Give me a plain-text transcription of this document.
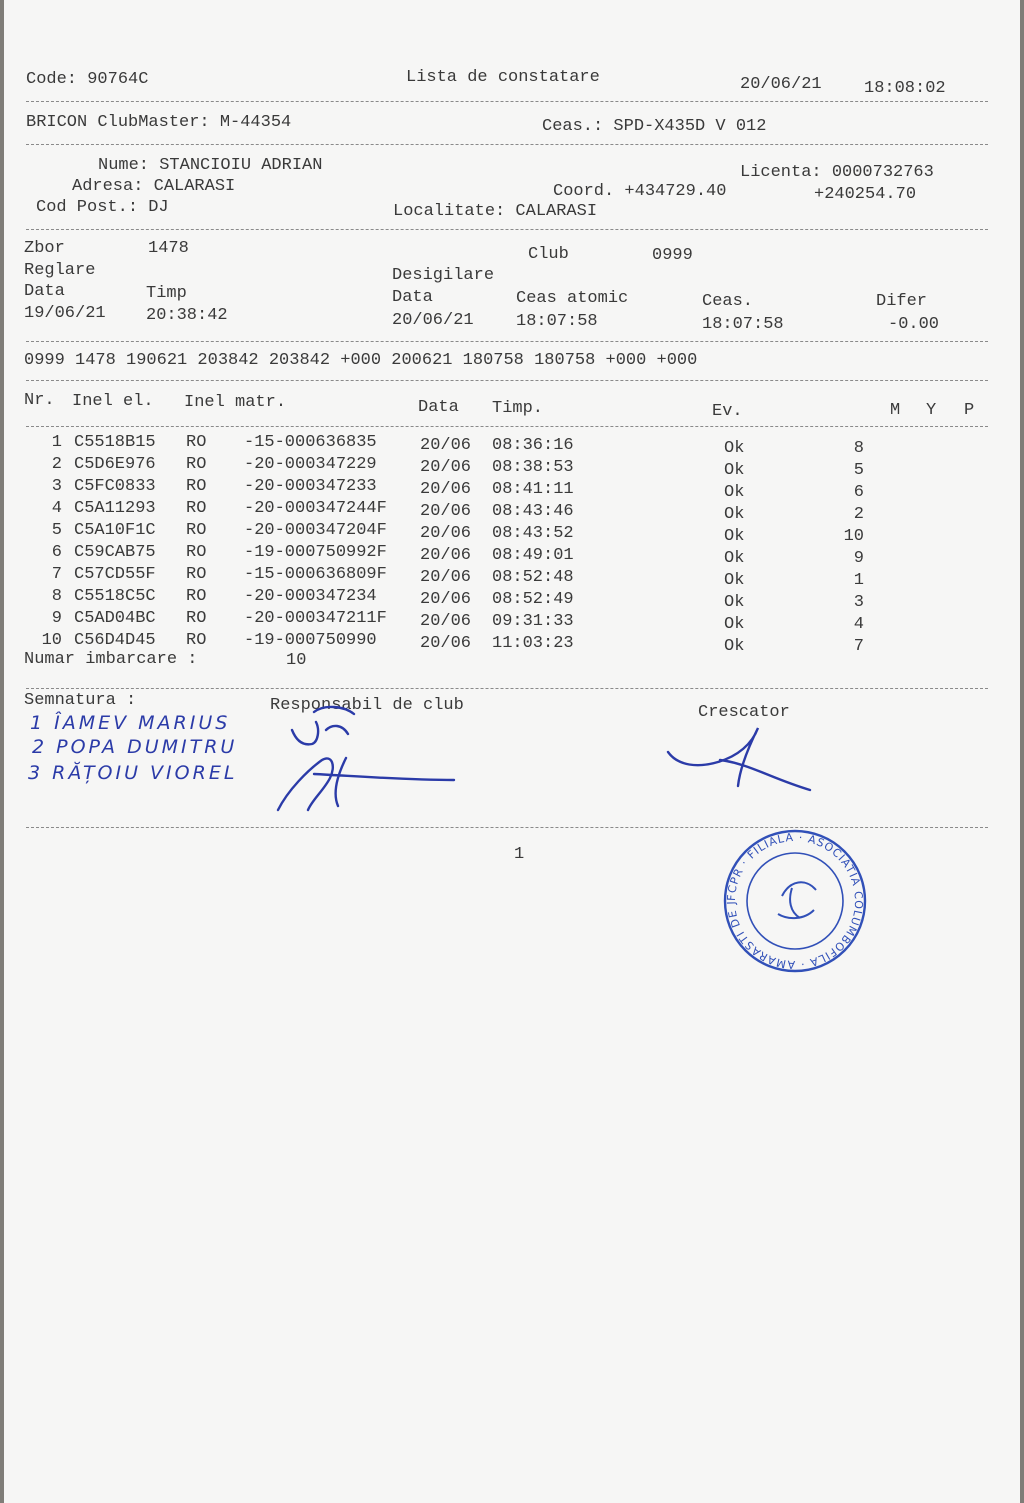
Code: 90764C	Lista de constatare	20/06/21 18:08:02
BRICON ClubMaster: M-44354	Ceas.: SPD-X435D V 012
Nume: STANCIOIU ADRIAN
Adresa: CALARASI
Cod Post.: DJ
Licenta: 0000732763
Coord. +434729.40	+240254.70
Localitate: CALARASI
Zbor	1478	Club	0999
Reglare	Desigilare
Data	Timp	Data	Ceas atomic	Ceas.	Difer
19/06/21 20:38:42	20/06/21 18:07:58	18:07:58	-0.00
0999 1478 190621 203842 203842 +000 200621 180758 180758 +000 +000
Nr. Inel el. Inel matr.	Data Timp.	Ev.	M Y P
1 C5518B15 RO -15-000636835	20/06 08:36:16	Ok	8
2 C5D6E976 RO -20-000347229	20/06 08:38:53	Ok	5
3 C5FC0833 RO -20-000347233	20/06 08:41:11	Ok	6
4 C5A11293 RO -20-000347244F 20/06 08:43:46	Ok	2
5 C5A10F1C RO -20-000347204F 20/06 08:43:52	Ok	10
6 C59CAB75 RO -19-000750992F 20/06 08:49:01	Ok	9
7 C57CD55F RO -15-000636809F 20/06 08:52:48	Ok	1
8 C5518C5C RO -20-000347234	20/06 08:52:49	Ok	3
9 C5AD04BC RO -20-000347211F 20/06 09:31:33	Ok	4
10 C56D4D45 RO -19-000750990	20/06 11:03:23	Ok	7
Numar imbarcare :	10
Semnatura :	Responsabil de club	Crescator
1 ÎAMEV MARIUS
2 POPA DUMITRU
3 RĂȚOIU VIOREL
1
FCPR · FILIALA · ASOCIATIA COLUMBOFILA · AMARASTI DE JUS · DOLJ
